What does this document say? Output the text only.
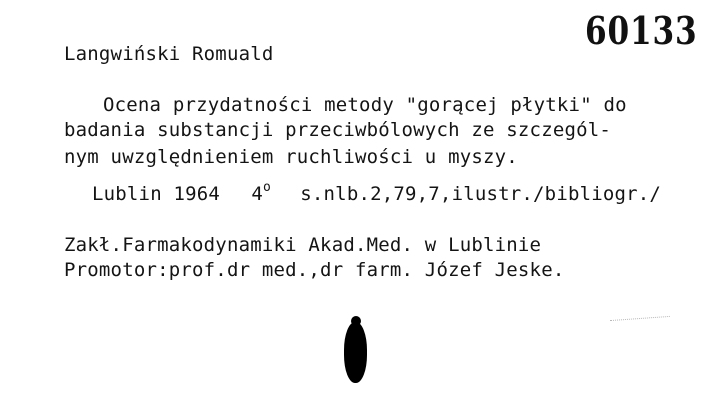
60133
Langwiński Romuald
Ocena przydatności metody "gorącej płytki" do
badania substancji przeciwbólowych ze szczegól-
nym uwzględnieniem ruchliwości u myszy.
Lublin 1964 4$^o$ s.nlb.2,79,7,ilustr./bibliogr./
Zakł.Farmakodynamiki Akad.Med. w Lublinie
Promotor:prof.dr med.,dr farm. Józef Jeske.
